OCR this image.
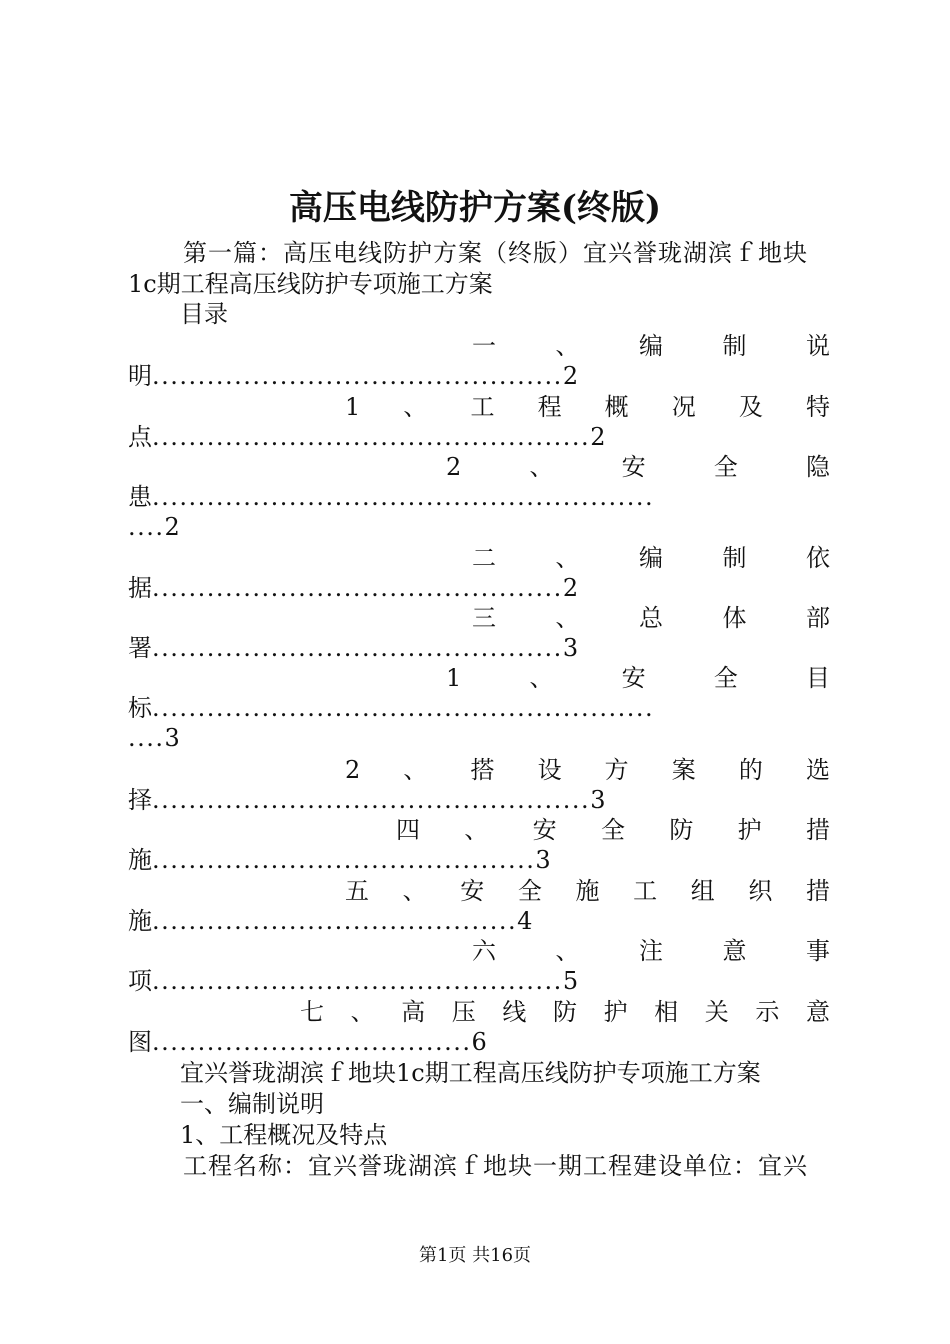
高压电线防护方案(终版)
第一篇：高压电线防护方案（终版）宜兴誉珑湖滨ｆ地块
1c期工程高压线防护专项施工方案
目录
一 、 编 制 说
明.............................................2
1 、 工 程 概 况 及 特
点................................................2
2	、	安	全	隐
患.......................................................
....2
二 、 编 制 依
据.............................................2
三 、 总 体 部
署.............................................3
1	、	安	全	目
标.......................................................
....3
2 、 搭 设 方 案 的 选
择................................................3
四 、 安 全 防 护 措
施..........................................3
五 、 安 全 施 工 组 织 措
施........................................4
六 、 注 意 事
项.............................................5
七 、 高 压 线 防 护 相 关 示 意
图...................................6
宜兴誉珑湖滨ｆ地块1c期工程高压线防护专项施工方案
一、编制说明
1、工程概况及特点
工程名称：宜兴誉珑湖滨ｆ地块一期工程建设单位：宜兴
第1页 共16页
